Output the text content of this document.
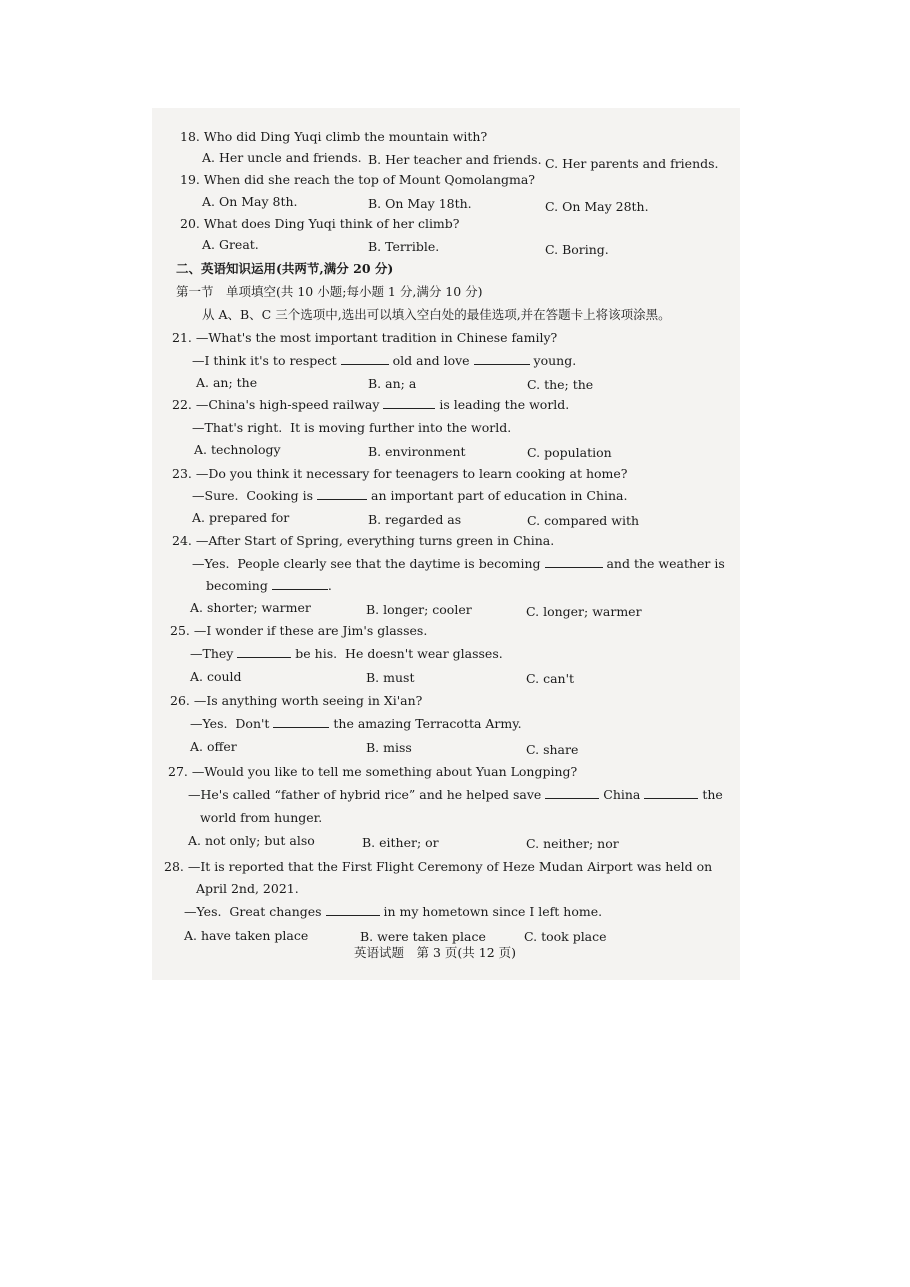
18. Who did Ding Yuqi climb the mountain with?
A. Her uncle and friends. B. Her teacher and friends. C. Her parents and friends.
19. When did she reach the top of Mount Qomolangma?
A. On May 8th.	B. On May 18th.	C. On May 28th.
20. What does Ding Yuqi think of her climb?
A. Great.	B. Terrible.	C. Boring.
二、英语知识运用(共两节,满分 20 分)
第一节　单项填空(共 10 小题;每小题 1 分,满分 10 分)
从 A、B、C 三个选项中,选出可以填入空白处的最佳选项,并在答题卡上将该项涂黑。
21. —What's the most important tradition in Chinese family?
—I think it's to respect	old and love	young.
A. an; the	B. an; a	C. the; the
22. —China's high-speed railway	is leading the world.
—That's right.  It is moving further into the world.
A. technology	B. environment	C. population
23. —Do you think it necessary for teenagers to learn cooking at home?
—Sure.  Cooking is	an important part of education in China.
A. prepared for	B. regarded as	C. compared with
24. —After Start of Spring, everything turns green in China.
—Yes.  People clearly see that the daytime is becoming	and the weather is
becoming	.
A. shorter; warmer	B. longer; cooler	C. longer; warmer
25. —I wonder if these are Jim's glasses.
—They	be his.  He doesn't wear glasses.
A. could	B. must	C. can't
26. —Is anything worth seeing in Xi'an?
—Yes.  Don't	the amazing Terracotta Army.
A. offer	B. miss	C. share
27. —Would you like to tell me something about Yuan Longping?
—He's called “father of hybrid rice” and he helped save	China	the
world from hunger.
A. not only; but also	B. either; or	C. neither; nor
28. —It is reported that the First Flight Ceremony of Heze Mudan Airport was held on
April 2nd, 2021.
—Yes.  Great changes	in my hometown since I left home.
A. have taken place	B. were taken place	C. took place
英语试题　第 3 页(共 12 页)
